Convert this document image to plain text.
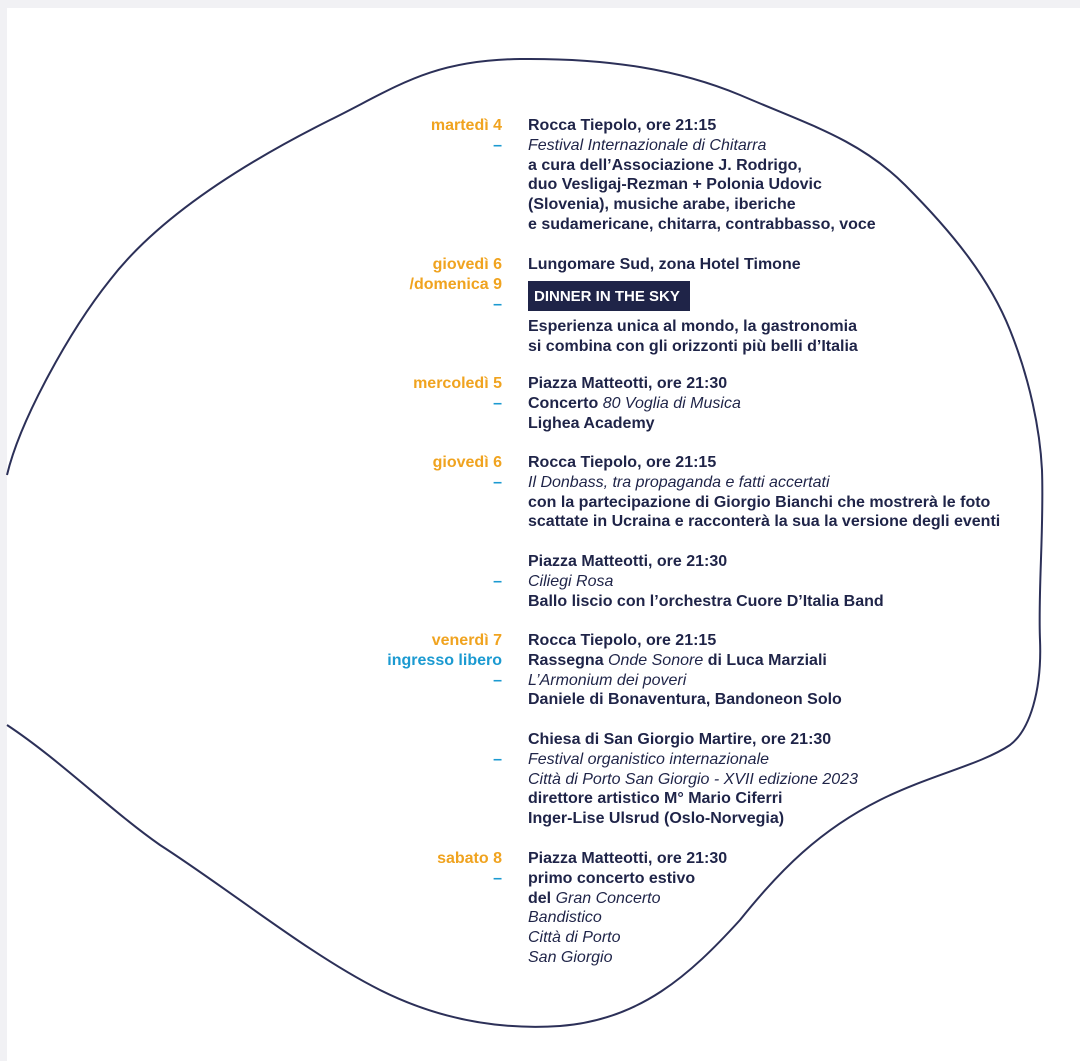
martedì 4
–
Rocca Tiepolo, ore 21:15
Festival Internazionale di Chitarra
a cura dell’Associazione J. Rodrigo,
duo Vesligaj-Rezman + Polonia Udovic
(Slovenia), musiche arabe, iberiche
e sudamericane, chitarra, contrabbasso, voce
giovedì 6
/domenica 9
–
Lungomare Sud, zona Hotel Timone
DINNER IN THE SKY
Esperienza unica al mondo, la gastronomia
si combina con gli orizzonti più belli d’Italia
mercoledì 5
–
Piazza Matteotti, ore 21:30
Concerto 80 Voglia di Musica
Lighea Academy
giovedì 6
–
Rocca Tiepolo, ore 21:15
Il Donbass, tra propaganda e fatti accertati
con la partecipazione di Giorgio Bianchi che mostrerà le foto
scattate in Ucraina e racconterà la sua la versione degli eventi
–
Piazza Matteotti, ore 21:30
Ciliegi Rosa
Ballo liscio con l’orchestra Cuore D’Italia Band
venerdì 7
ingresso libero
–
Rocca Tiepolo, ore 21:15
Rassegna Onde Sonore di Luca Marziali
L’Armonium dei poveri
Daniele di Bonaventura, Bandoneon Solo
–
Chiesa di San Giorgio Martire, ore 21:30
Festival organistico internazionale
Città di Porto San Giorgio - XVII edizione 2023
direttore artistico M° Mario Ciferri
Inger-Lise Ulsrud (Oslo-Norvegia)
sabato 8
–
Piazza Matteotti, ore 21:30
primo concerto estivo
del Gran Concerto
Bandistico
Città di Porto
San Giorgio
